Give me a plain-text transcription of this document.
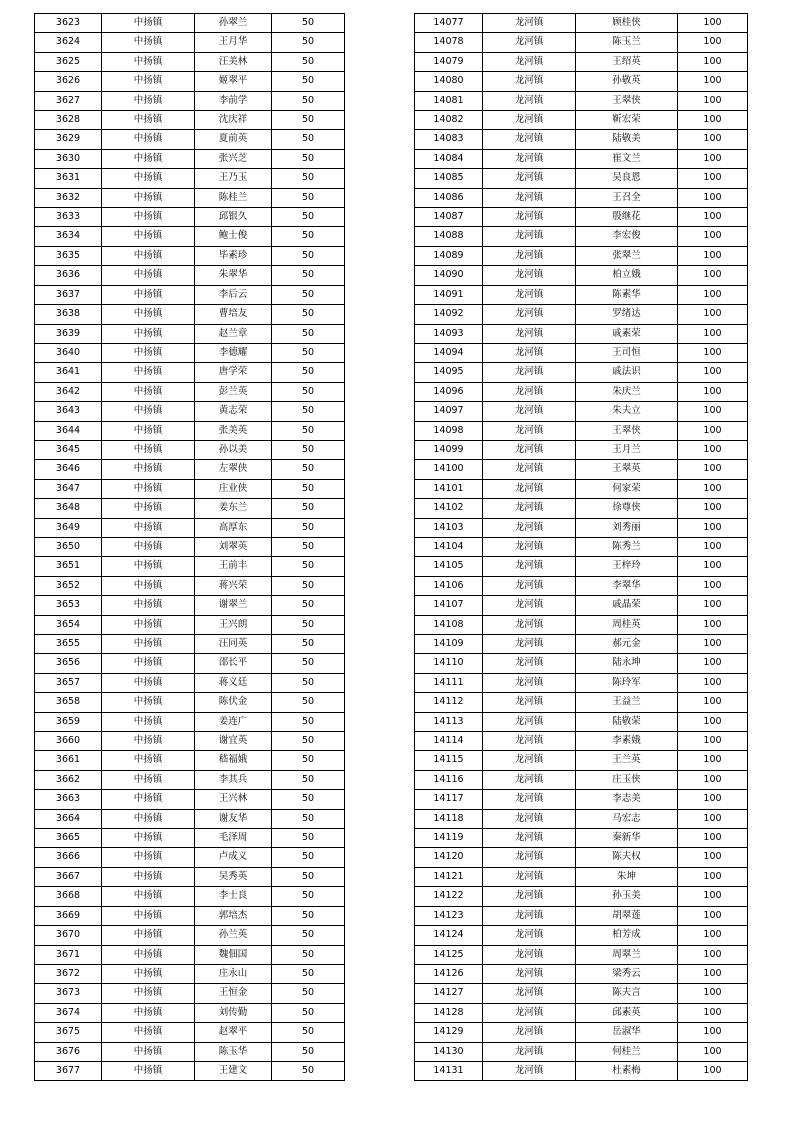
3623	中扬镇	孙翠兰	50
3624	中扬镇	王月华	50
3625	中扬镇	汪美林	50
3626	中扬镇	姬翠平	50
3627	中扬镇	李前学	50
3628	中扬镇	沈庆祥	50
3629	中扬镇	夏前英	50
3630	中扬镇	张兴芝	50
3631	中扬镇	王乃玉	50
3632	中扬镇	陈桂兰	50
3633	中扬镇	邱银久	50
3634	中扬镇	鲍士俊	50
3635	中扬镇	毕素珍	50
3636	中扬镇	朱翠华	50
3637	中扬镇	李后云	50
3638	中扬镇	曹培友	50
3639	中扬镇	赵兰章	50
3640	中扬镇	李德耀	50
3641	中扬镇	唐学荣	50
3642	中扬镇	彭兰英	50
3643	中扬镇	黄志荣	50
3644	中扬镇	张美英	50
3645	中扬镇	孙以美	50
3646	中扬镇	左翠侠	50
3647	中扬镇	庄业侠	50
3648	中扬镇	姜东兰	50
3649	中扬镇	高厚东	50
3650	中扬镇	刘翠英	50
3651	中扬镇	王前丰	50
3652	中扬镇	蒋兴荣	50
3653	中扬镇	谢翠兰	50
3654	中扬镇	王兴朗	50
3655	中扬镇	汪同英	50
3656	中扬镇	邵长平	50
3657	中扬镇	蒋义廷	50
3658	中扬镇	陈伏金	50
3659	中扬镇	姜连广	50
3660	中扬镇	谢宜英	50
3661	中扬镇	嵇福娥	50
3662	中扬镇	李其兵	50
3663	中扬镇	王兴林	50
3664	中扬镇	谢友华	50
3665	中扬镇	毛泽周	50
3666	中扬镇	卢成义	50
3667	中扬镇	吴秀英	50
3668	中扬镇	李士良	50
3669	中扬镇	郭培杰	50
3670	中扬镇	孙兰英	50
3671	中扬镇	魏佃国	50
3672	中扬镇	庄永山	50
3673	中扬镇	王恒金	50
3674	中扬镇	刘传勤	50
3675	中扬镇	赵翠平	50
3676	中扬镇	陈玉华	50
3677	中扬镇	王建文	50
14077	龙河镇	顾桂侠	100
14078	龙河镇	陈玉兰	100
14079	龙河镇	王绍英	100
14080	龙河镇	孙敬英	100
14081	龙河镇	王翠侠	100
14082	龙河镇	靳宏荣	100
14083	龙河镇	陆敬美	100
14084	龙河镇	崔文兰	100
14085	龙河镇	吴良恩	100
14086	龙河镇	王召全	100
14087	龙河镇	殷继花	100
14088	龙河镇	李宏俊	100
14089	龙河镇	张翠兰	100
14090	龙河镇	柏立娥	100
14091	龙河镇	陈素华	100
14092	龙河镇	罗绪达	100
14093	龙河镇	戚素荣	100
14094	龙河镇	王司恒	100
14095	龙河镇	戚法识	100
14096	龙河镇	朱庆兰	100
14097	龙河镇	朱夫立	100
14098	龙河镇	王翠侠	100
14099	龙河镇	王月兰	100
14100	龙河镇	王翠英	100
14101	龙河镇	何家荣	100
14102	龙河镇	徐尊侠	100
14103	龙河镇	刘秀丽	100
14104	龙河镇	陈秀兰	100
14105	龙河镇	王梓玲	100
14106	龙河镇	李翠华	100
14107	龙河镇	戚晶荣	100
14108	龙河镇	周桂英	100
14109	龙河镇	郝元金	100
14110	龙河镇	陆永坤	100
14111	龙河镇	陈玲军	100
14112	龙河镇	王益兰	100
14113	龙河镇	陆敬荣	100
14114	龙河镇	李素娥	100
14115	龙河镇	王兰英	100
14116	龙河镇	庄玉侠	100
14117	龙河镇	李志美	100
14118	龙河镇	马宏志	100
14119	龙河镇	秦新华	100
14120	龙河镇	陈夫权	100
14121	龙河镇	朱坤	100
14122	龙河镇	孙玉美	100
14123	龙河镇	胡翠莲	100
14124	龙河镇	柏芳成	100
14125	龙河镇	周翠兰	100
14126	龙河镇	梁秀云	100
14127	龙河镇	陈夫言	100
14128	龙河镇	邱素英	100
14129	龙河镇	岳淑华	100
14130	龙河镇	何桂兰	100
14131	龙河镇	杜素梅	100
